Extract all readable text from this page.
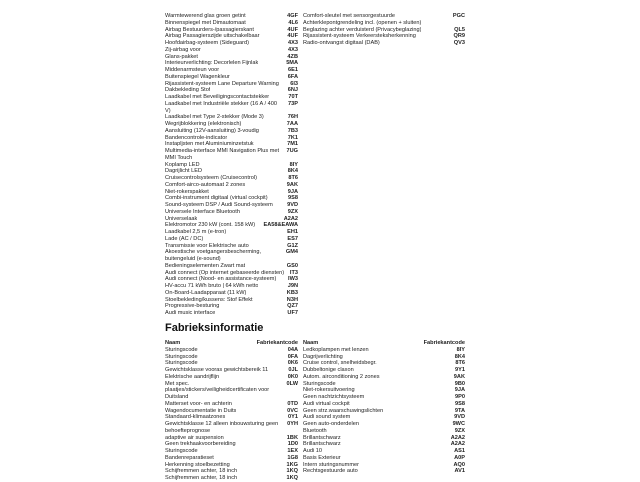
Warmtewerend glas groen getint	4GF
Binnenspiegel met Dimautomaat	4L6
Airbag Bestuurders-/passagierskant	4UF
Airbag Passagierszijde uitschakelbaar	4UF
Hoofdairbag-systeem (Sideguard)	4X3
Zij-airbag voor	4X3
Glans-pakket	4ZB
Interieurverlichting: Decorlelen Fijnlak	5MA
Middenarmsteun voor	6E1
Buitenspiegel Wagenkleur	6FA
Rijassistent-systeem Lane Departure Warning 6I3
Dakbekleding Stof	6NJ
Laadkabel met Beveiligingscontactstekker	70T
Laadkabel met Industriële stekker (16 A / 400 V)
73P
Laadkabel met Type 2-stekker (Mode 3)	76H
Wegrijblokkering (elektronisch)	7AA
Aansluiting (12V-aansluiting) 3-voudig	7B3
Bandencontrole-indicator	7K1
Instapljsten met Aluminiuminzetstuk	7M1
Multimedia-interface MMI Navigation Plus met MMI Touch
7UG
Koplamp LED	8IY
Dagrijlicht LED	8K4
Cruisecontrolsysteem (Cruisecontrol)	8T6
Comfort-airco-automaat 2 zones	9AK
Niet-rokerspakket	9JA
Combi-instrument digitaal (virtual cockpit)	9S8
Sound-systeem DSP / Audi Sound-systeem	9VD
Universele Interface Bluetooth	9ZX
Universelaak	A2A2
Elektromotor 230 kW (cont. 158 kW) EA58&EAWA
Laadkabel 2,5 m (e-tron)	EH1
Lade (AC / DC)	ES7
Transmissie voor Elektrische auto	G1Z
Akoestische voetgangersbescherming, buitengeluid (e-sound)
GM4
Bedieningselementen Zwart mat	GS0
Audi connect (Op internet gebaseerde diensten) IT3
Audi connect (Nood- en assistance-systeem) IW3
HV-accu 71 kWh bruto | 64 kWh netto	J9N
On-Board-Laadapparaat (11 kW)	KB3
Stoelbekleding/kussens: Stof Effekt	N3H
Progressive-besturing	QZ7
Audi music interface	UF7
Comfort-sleutel met sensorgestuurde Achterklepontgrendeling incl. (openen + sluiten)
PGC
Beglazing achter verduisterd (Privacybeglazing)	QL5
Rijassistent-systeem Verkeersteksherkenning	QR9
Radio-ontvangst digitaal (DAB)	QV3
Fabrieksinformatie
Naam	Fabriekantcode
Sturingscode	04A
Sturingscode	0FA
Sturingscode	0K6
Gewichtsklasse vooras gewichtsbereik 11	0JL
Elektrische aandrijflijn	0K0
Met spec. plaatjes/stickers/veiligheidcertificaten voor Duitsland
0LW
Matterset voor- en achterin	0TD
Wagendocumentatie in Duits	0VC
Standaard-klimaatzones	0Y1
Gewichtsklasse 12 alleen inbouwsturing geen behoefteprognose
0YH
adaptive air suspension	1BK
Geen trekhaakvoorbereiding	1D0
Sturingscode	1EX
Bandenreparatieset	1G8
Herkenning stoelbezetting	1KG
Schijfremmen achter, 18 inch	1KQ
Schijfremmen achter, 18 inch	1KQ
Naam	Fabriekantcode
Ledkoplampen met lenzen	8IY
Dagrijverlichting	8K4
Cruise control, snelheidsbegr.	8T6
Dubbeltonige claxon	9Y1
Autom. airconditioning 2 zones	9AK
Sturingscode	9B0
Niet-rokersuitvoering	9JA
Geen nachtzichtsysteem	9P0
Audi virtual cockpit	9S8
Geen strz.waarschuwingslichten	9TA
Audi sound system	9VD
Geen auto-onderdelen	9WC
Bluetooth	9ZX
Brillantschwarz	A2A2
Brillantschwarz	A2A2
Audi 10	AS1
Basis Exterieur	A0P
Intern sturingsnummer	AQ0
Rechtsgestuurde auto	AV1
